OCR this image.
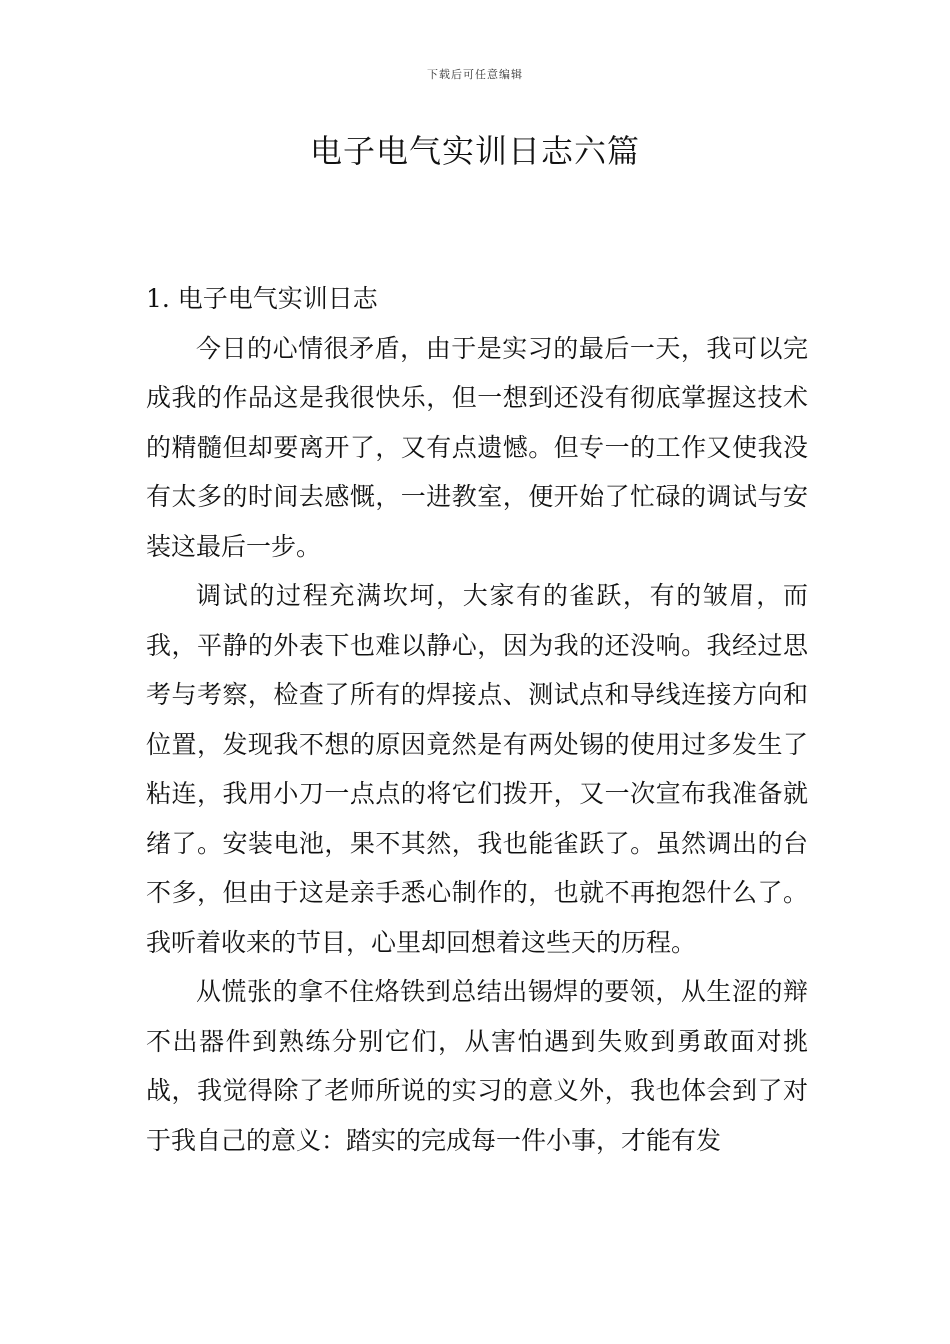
下载后可任意编辑
电子电气实训日志六篇

1. 电子电气实训日志

今日的心情很矛盾，由于是实习的最后一天，我可以完成我的作品这是我很快乐，但一想到还没有彻底掌握这技术的精髓但却要离开了，又有点遗憾。但专一的工作又使我没有太多的时间去感慨，一进教室，便开始了忙碌的调试与安装这最后一步。

调试的过程充满坎坷，大家有的雀跃，有的皱眉，而我，平静的外表下也难以静心，因为我的还没响。我经过思考与考察，检查了所有的焊接点、测试点和导线连接方向和位置，发现我不想的原因竟然是有两处锡的使用过多发生了粘连，我用小刀一点点的将它们拨开，又一次宣布我准备就绪了。安装电池，果不其然，我也能雀跃了。虽然调出的台不多，但由于这是亲手悉心制作的，也就不再抱怨什么了。我听着收来的节目，心里却回想着这些天的历程。

从慌张的拿不住烙铁到总结出锡焊的要领，从生涩的辩不出器件到熟练分别它们，从害怕遇到失败到勇敢面对挑战，我觉得除了老师所说的实习的意义外，我也体会到了对于我自己的意义：踏实的完成每一件小事，才能有发
